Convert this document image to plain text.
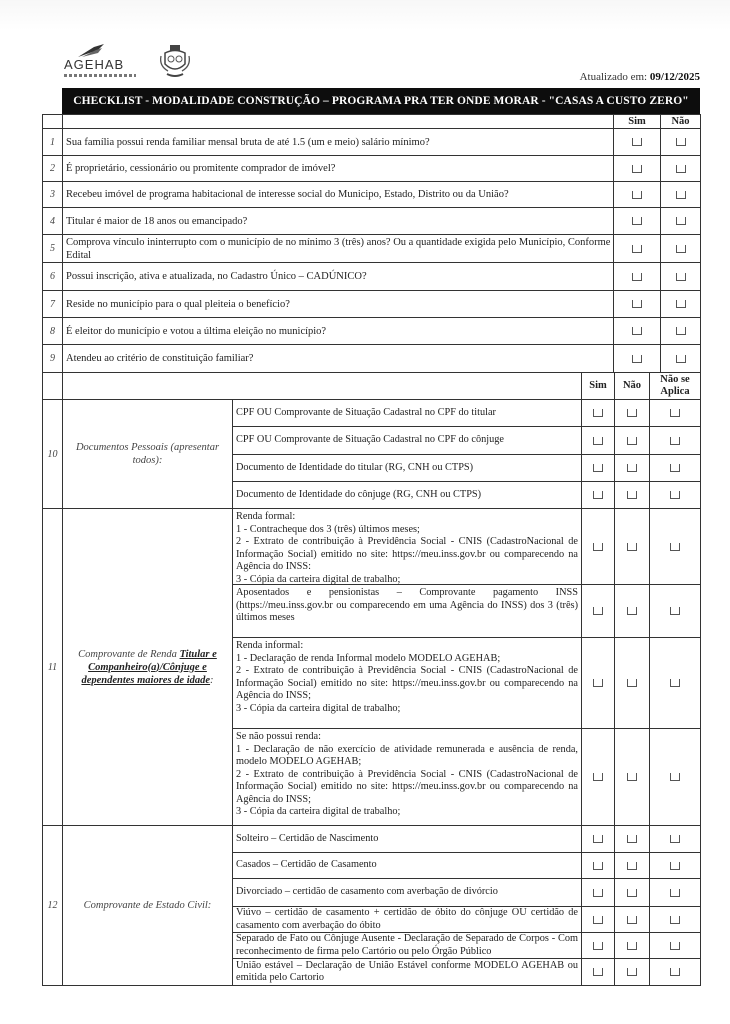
AGEHAB
Atualizado em: 09/12/2025
CHECKLIST - MODALIDADE CONSTRUÇÃO – PROGRAMA PRA TER ONDE MORAR - "CASAS A CUSTO ZERO"
Sim Não
1 Sua família possui renda familiar mensal bruta de até 1.5 (um e meio) salário mínimo?
2 É proprietário, cessionário ou promitente comprador de imóvel?
3 Recebeu imóvel de programa habitacional de interesse social do Municipo, Estado, Distrito ou da União?
4 Titular é maior de 18 anos ou emancipado?
5
Comprova vínculo ininterrupto com o município de no mínimo 3 (três) anos? Ou a quantidade exigida pelo Município, Conforme Edital
6 Possui inscrição, ativa e atualizada, no Cadastro Único – CADÚNICO?
7 Reside no município para o qual pleiteia o benefício?
8 É eleitor do município e votou a última eleição no município?
9 Atendeu ao critério de constituição familiar?
Sim Não
Não se Aplica
10
Documentos Pessoais (apresentar todos):
CPF OU Comprovante de Situação Cadastral no CPF do titular
CPF OU Comprovante de Situação Cadastral no CPF do cônjuge
Documento de Identidade do titular (RG, CNH ou CTPS)
Documento de Identidade do cônjuge (RG, CNH ou CTPS)
11
Comprovante de Renda Titular e Companheiro(a)/Cônjuge e dependentes maiores de idade:
Renda formal:
1 - Contracheque dos 3 (três) últimos meses;
2 - Extrato de contribuição à Previdência Social - CNIS (CadastroNacional de Informação Social) emitido no site: https://meu.inss.gov.br ou comparecendo na Agência do INSS:
3 - Cópia da carteira digital de trabalho;
Aposentados e pensionistas – Comprovante pagamento INSS (https://meu.inss.gov.br ou comparecendo em uma Agência do INSS) dos 3 (três) últimos meses
Renda informal:
1 - Declaração de renda Informal modelo MODELO AGEHAB;
2 - Extrato de contribuição à Previdência Social - CNIS (CadastroNacional de Informação Social) emitido no site: https://meu.inss.gov.br ou comparecendo na Agência do INSS;
3 - Cópia da carteira digital de trabalho;
Se não possui renda:
1 - Declaração de não exercício de atividade remunerada e ausência de renda, modelo MODELO AGEHAB;
2 - Extrato de contribuição à Previdência Social - CNIS (CadastroNacional de Informação Social) emitido no site: https://meu.inss.gov.br ou comparecendo na Agência do INSS;
3 - Cópia da carteira digital de trabalho;
12 Comprovante de Estado Civil:
Solteiro – Certidão de Nascimento
Casados – Certidão de Casamento
Divorciado – certidão de casamento com averbação de divórcio
Viúvo – certidão de casamento + certidão de óbito do cônjuge OU certidão de casamento com averbação do óbito
Separado de Fato ou Cônjuge Ausente - Declaração de Separado de Corpos - Com reconhecimento de firma pelo Cartório ou pelo Órgão Público
União estável – Declaração de União Estável conforme MODELO AGEHAB ou emitida pelo Cartorio
